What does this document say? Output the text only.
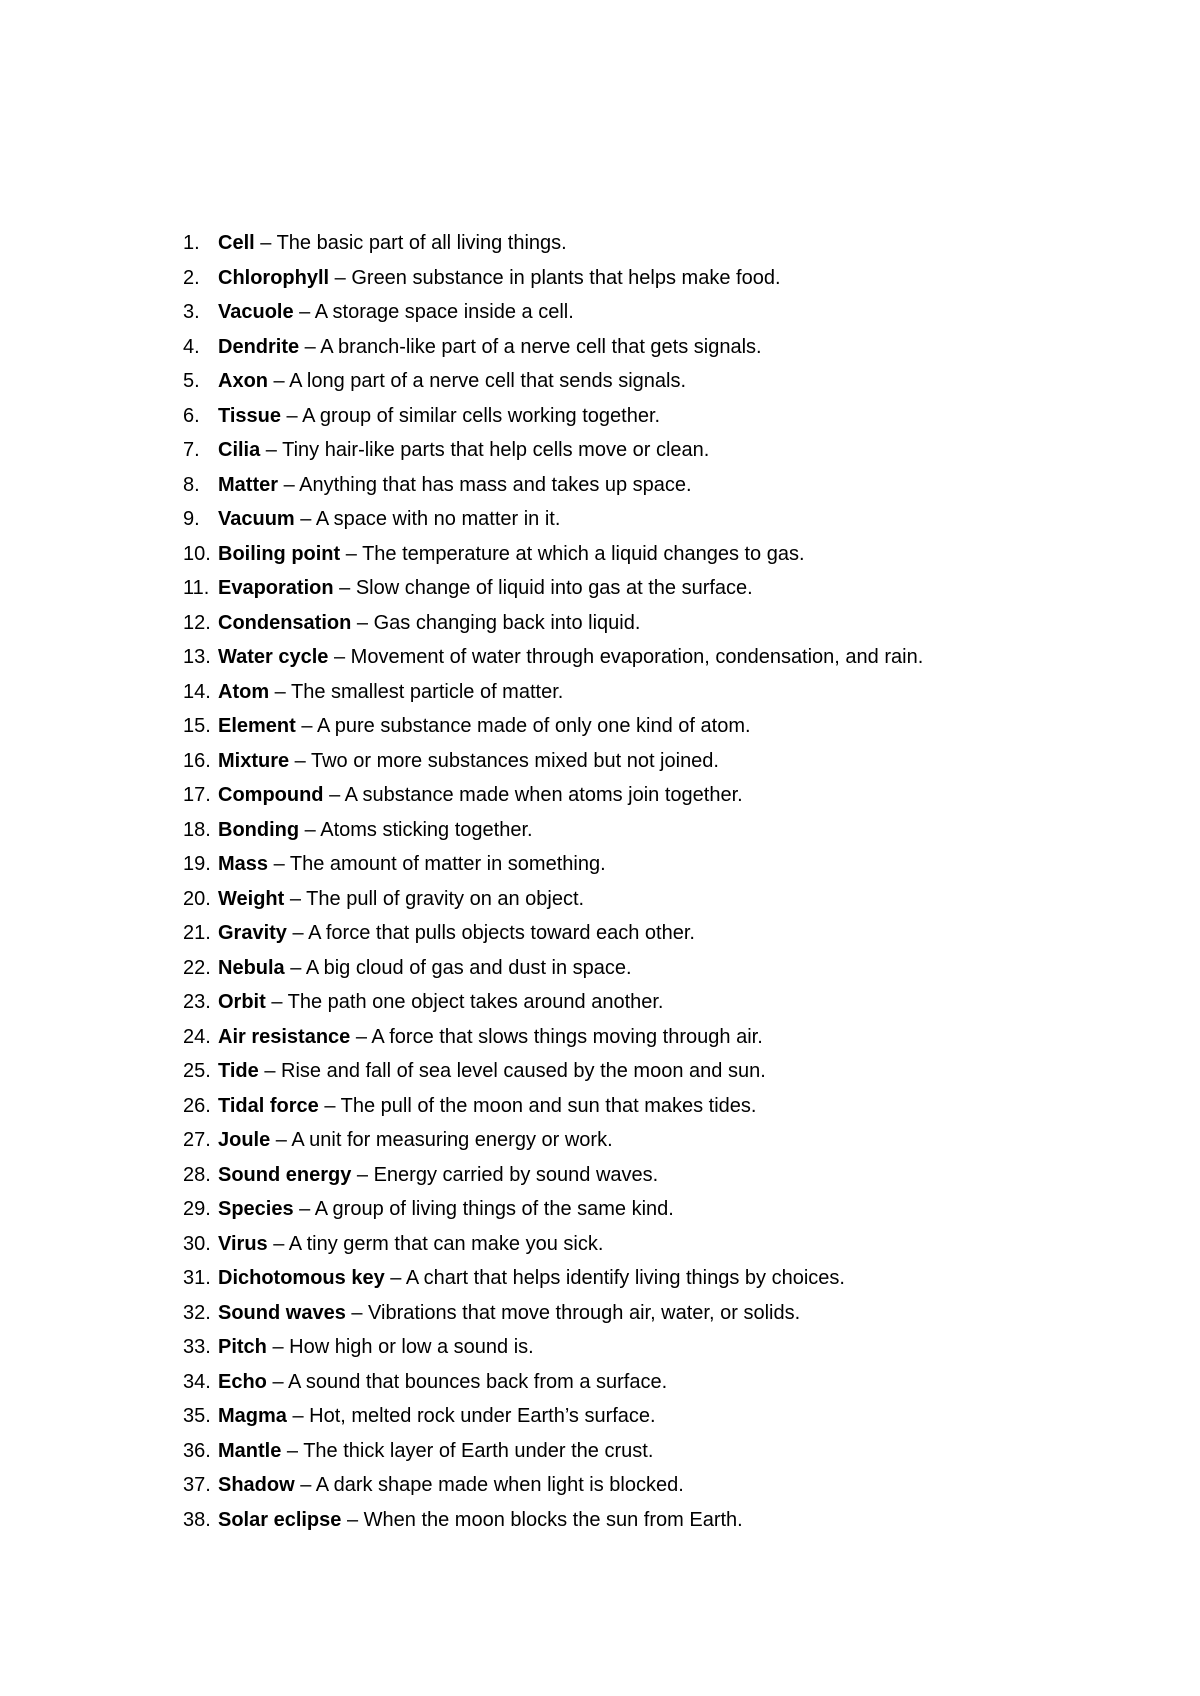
1. Cell – The basic part of all living things.
2. Chlorophyll – Green substance in plants that helps make food.
3. Vacuole – A storage space inside a cell.
4. Dendrite – A branch-like part of a nerve cell that gets signals.
5. Axon – A long part of a nerve cell that sends signals.
6. Tissue – A group of similar cells working together.
7. Cilia – Tiny hair-like parts that help cells move or clean.
8. Matter – Anything that has mass and takes up space.
9. Vacuum – A space with no matter in it.
10. Boiling point – The temperature at which a liquid changes to gas.
11. Evaporation – Slow change of liquid into gas at the surface.
12. Condensation – Gas changing back into liquid.
13. Water cycle – Movement of water through evaporation, condensation, and rain.
14. Atom – The smallest particle of matter.
15. Element – A pure substance made of only one kind of atom.
16. Mixture – Two or more substances mixed but not joined.
17. Compound – A substance made when atoms join together.
18. Bonding – Atoms sticking together.
19. Mass – The amount of matter in something.
20. Weight – The pull of gravity on an object.
21. Gravity – A force that pulls objects toward each other.
22. Nebula – A big cloud of gas and dust in space.
23. Orbit – The path one object takes around another.
24. Air resistance – A force that slows things moving through air.
25. Tide – Rise and fall of sea level caused by the moon and sun.
26. Tidal force – The pull of the moon and sun that makes tides.
27. Joule – A unit for measuring energy or work.
28. Sound energy – Energy carried by sound waves.
29. Species – A group of living things of the same kind.
30. Virus – A tiny germ that can make you sick.
31. Dichotomous key – A chart that helps identify living things by choices.
32. Sound waves – Vibrations that move through air, water, or solids.
33. Pitch – How high or low a sound is.
34. Echo – A sound that bounces back from a surface.
35. Magma – Hot, melted rock under Earth’s surface.
36. Mantle – The thick layer of Earth under the crust.
37. Shadow – A dark shape made when light is blocked.
38. Solar eclipse – When the moon blocks the sun from Earth.
